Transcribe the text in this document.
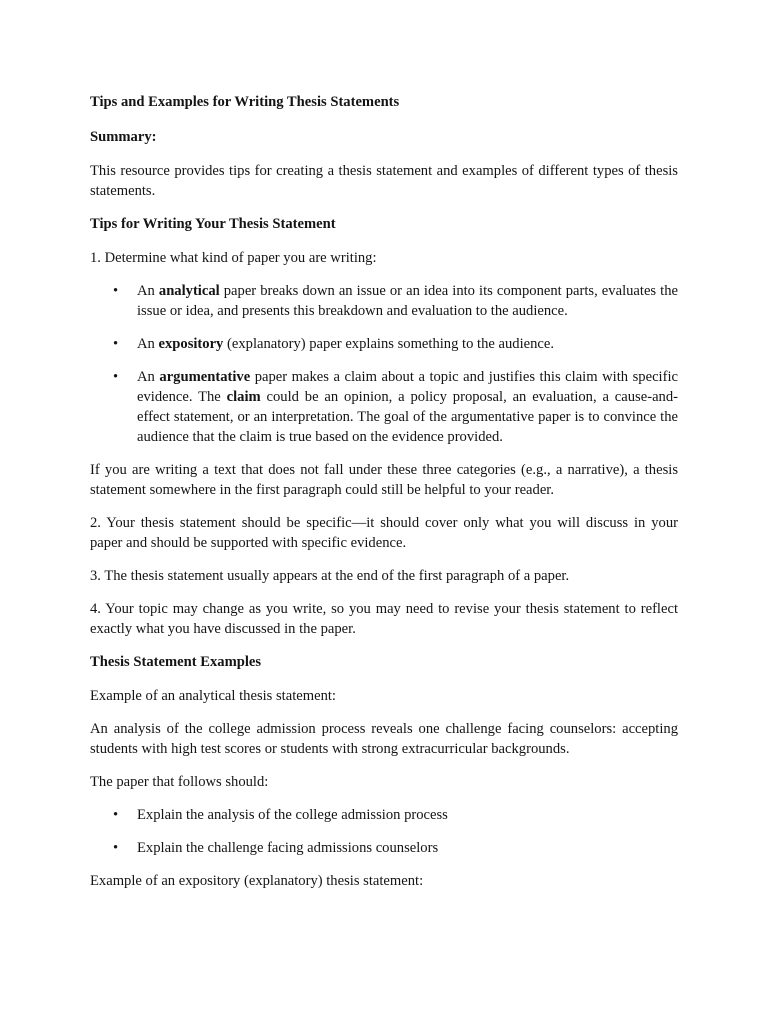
Tips and Examples for Writing Thesis Statements

Summary:

This resource provides tips for creating a thesis statement and examples of different types of thesis statements.

Tips for Writing Your Thesis Statement

1. Determine what kind of paper you are writing:

• An analytical paper breaks down an issue or an idea into its component parts, evaluates the issue or idea, and presents this breakdown and evaluation to the audience.
• An expository (explanatory) paper explains something to the audience.
• An argumentative paper makes a claim about a topic and justifies this claim with specific evidence. The claim could be an opinion, a policy proposal, an evaluation, a cause-and-effect statement, or an interpretation. The goal of the argumentative paper is to convince the audience that the claim is true based on the evidence provided.

If you are writing a text that does not fall under these three categories (e.g., a narrative), a thesis statement somewhere in the first paragraph could still be helpful to your reader.

2. Your thesis statement should be specific—it should cover only what you will discuss in your paper and should be supported with specific evidence.

3. The thesis statement usually appears at the end of the first paragraph of a paper.

4. Your topic may change as you write, so you may need to revise your thesis statement to reflect exactly what you have discussed in the paper.

Thesis Statement Examples

Example of an analytical thesis statement:

An analysis of the college admission process reveals one challenge facing counselors: accepting students with high test scores or students with strong extracurricular backgrounds.

The paper that follows should:

• Explain the analysis of the college admission process
• Explain the challenge facing admissions counselors

Example of an expository (explanatory) thesis statement:
